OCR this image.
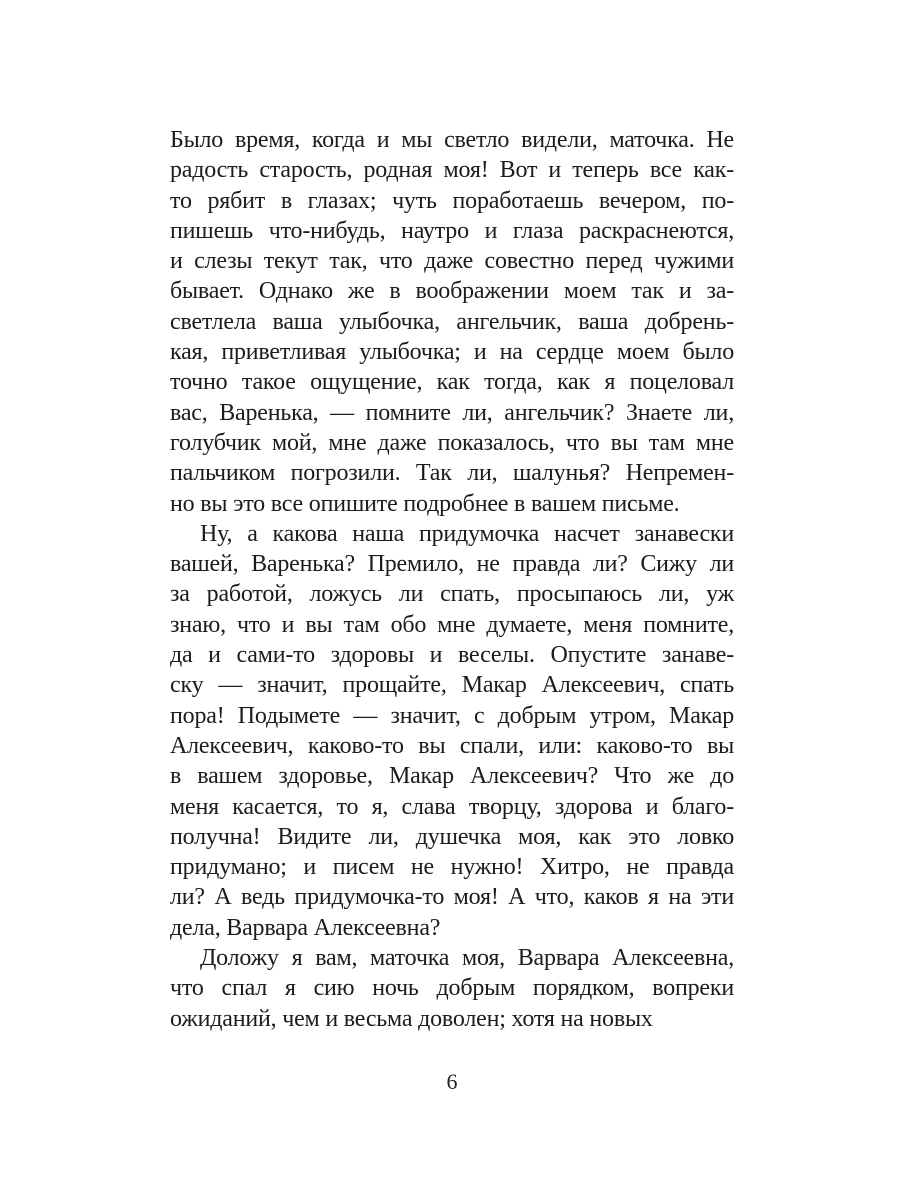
Было время, когда и мы светло видели, маточка. Не
радость старость, родная моя! Вот и теперь все как-
то рябит в глазах; чуть поработаешь вечером, по-
пишешь что-нибудь, наутро и глаза раскраснеются,
и слезы текут так, что даже совестно перед чужими
бывает. Однако же в воображении моем так и за-
светлела ваша улыбочка, ангельчик, ваша добрень-
кая, приветливая улыбочка; и на сердце моем было
точно такое ощущение, как тогда, как я поцеловал
вас, Варенька, — помните ли, ангельчик? Знаете ли,
голубчик мой, мне даже показалось, что вы там мне
пальчиком погрозили. Так ли, шалунья? Непремен-
но вы это все опишите подробнее в вашем письме.
Ну, а какова наша придумочка насчет занавески
вашей, Варенька? Премило, не правда ли? Сижу ли
за работой, ложусь ли спать, просыпаюсь ли, уж
знаю, что и вы там обо мне думаете, меня помните,
да и сами-то здоровы и веселы. Опустите занаве-
ску — значит, прощайте, Макар Алексеевич, спать
пора! Подымете — значит, с добрым утром, Макар
Алексеевич, каково-то вы спали, или: каково-то вы
в вашем здоровье, Макар Алексеевич? Что же до
меня касается, то я, слава творцу, здорова и благо-
получна! Видите ли, душечка моя, как это ловко
придумано; и писем не нужно! Хитро, не правда
ли? А ведь придумочка-то моя! А что, каков я на эти
дела, Варвара Алексеевна?
Доложу я вам, маточка моя, Варвара Алексеевна,
что спал я сию ночь добрым порядком, вопреки
ожиданий, чем и весьма доволен; хотя на новых
6
